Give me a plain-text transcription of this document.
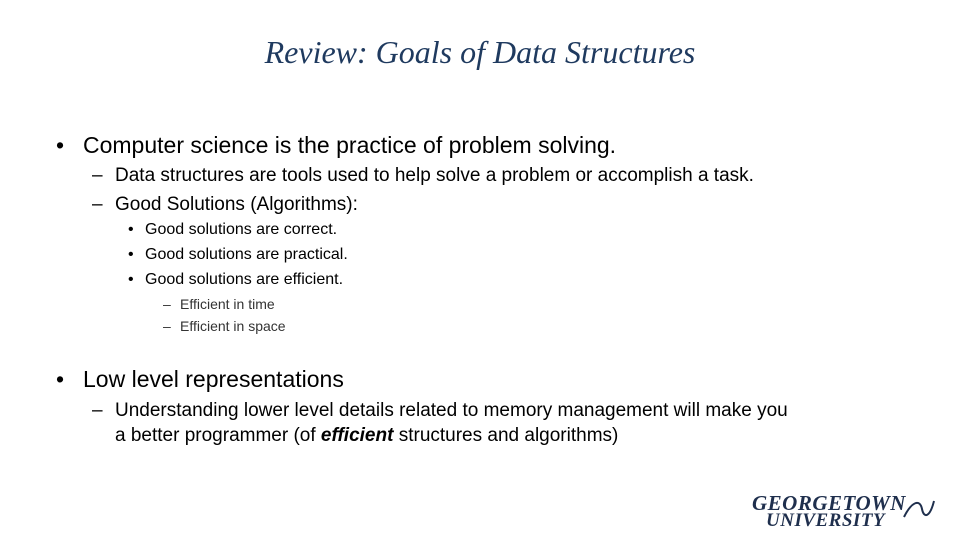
Review: Goals of Data Structures
• Computer science is the practice of problem solving.
– Data structures are tools used to help solve a problem or accomplish a task.
– Good Solutions (Algorithms):
• Good solutions are correct.
• Good solutions are practical.
• Good solutions are efficient.
– Efficient in time
– Efficient in space
• Low level representations
– Understanding lower level details related to memory management will make you
a better programmer (of efficient structures and algorithms)
GEORGETOWN
UNIVERSITY
